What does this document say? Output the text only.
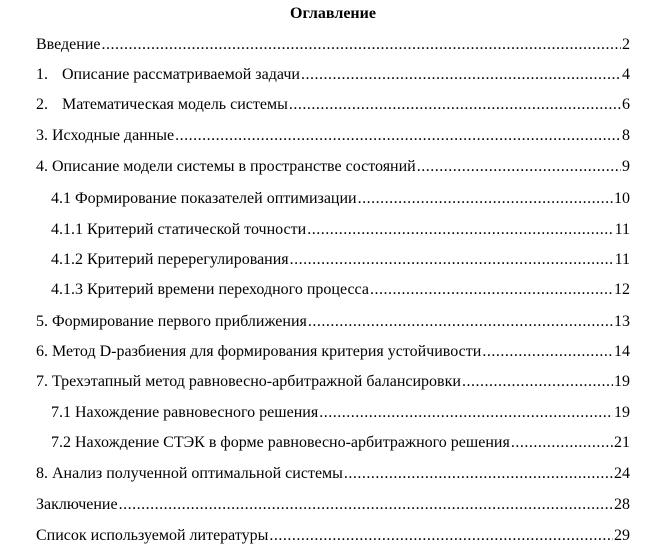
Оглавление
Введение .....	2
1. Описание рассматриваемой задачи .....	4
2. Математическая модель системы .....	6
3. Исходные данные .....	8
4. Описание модели системы в пространстве состояний .....	9
4.1 Формирование показателей оптимизации .....	10
4.1.1 Критерий статической точности .....	11
4.1.2 Критерий перерегулирования .....	11
4.1.3 Критерий времени переходного процесса .....	12
5. Формирование первого приближения .....	13
6. Метод D-разбиения для формирования критерия устойчивости .....	14
7. Трехэтапный метод равновесно-арбитражной балансировки .....	19
7.1 Нахождение равновесного решения .....	19
7.2 Нахождение СТЭК в форме равновесно-арбитражного решения .....	21
8. Анализ полученной оптимальной системы .....	24
Заключение .....	28
Список используемой литературы .....	29
